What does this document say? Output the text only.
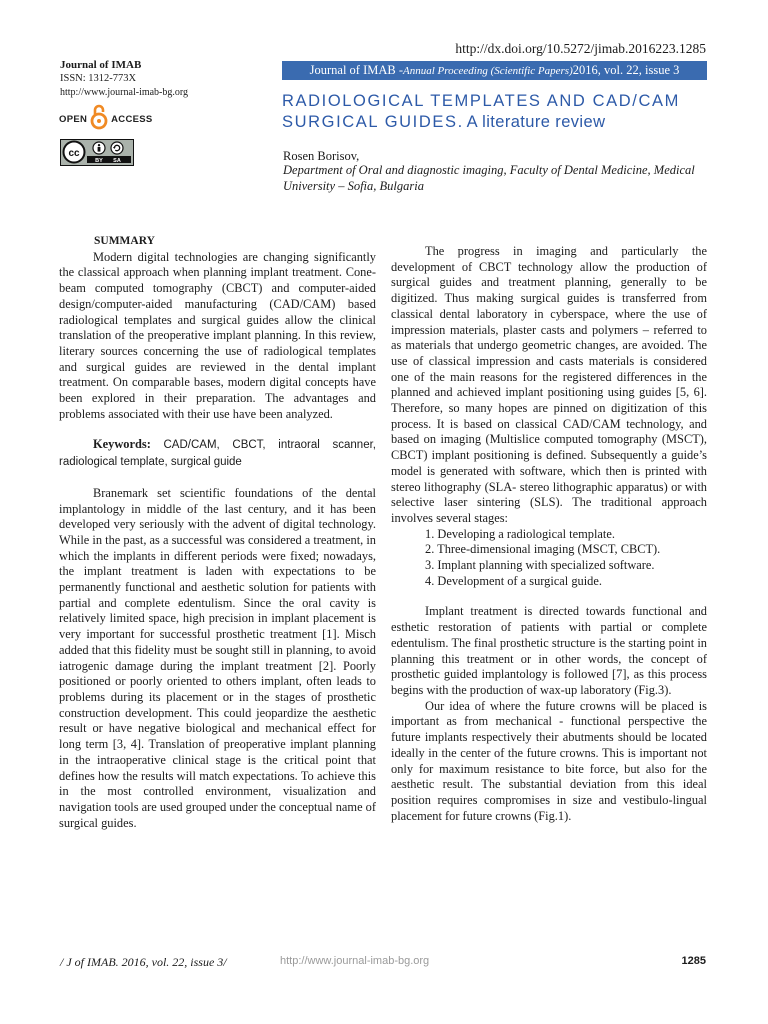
Journal of IMAB
ISSN: 1312-773X
http://www.journal-imab-bg.org
OPEN	ACCESS
cc
BY SA
http://dx.doi.org/10.5272/jimab.2016223.1285
Journal of IMAB - Annual Proceeding (Scientific Papers) 2016, vol. 22, issue 3
RADIOLOGICAL TEMPLATES AND CAD/CAM
SURGICAL GUIDES. A literature review
Rosen Borisov,
Department of Oral and diagnostic imaging, Faculty of Dental Medicine, Medical University – Sofia, Bulgaria
SUMMARY

Modern digital technologies are changing significantly the classical approach when planning implant treatment. Cone-beam computed tomography (CBCT) and computer-aided design/computer-aided manufacturing (CAD/CAM) based radiological templates and surgical guides allow the clinical translation of the preoperative implant planning. In this review, literary sources concerning the use of radiological templates and surgical guides are reviewed in the dental implant treatment. On comparable bases, modern digital concepts have been explored in their preparation. The advantages and problems associated with their use have been analyzed.

Keywords: CAD/CAM, CBCT, intraoral scanner, radiological template, surgical guide

Branemark set scientific foundations of the dental implantology in middle of the last century, and it has been developed very seriously with the advent of digital technology. While in the past, as a successful was considered a treatment, in which the implants in different periods were fixed; nowadays, the implant treatment is laden with expectations to be permanently functional and aesthetic solution for patients with partial and complete edentulism. Since the oral cavity is relatively limited space, high precision in implant placement is very important for successful prosthetic treatment [1]. Misch added that this fidelity must be sought still in planning, to avoid iatrogenic damage during the implant treatment [2]. Poorly positioned or poorly oriented to others implant, often leads to problems during its placement or in the stages of prosthetic construction development. This could jeopardize the aesthetic result or have negative biological and mechanical effect for long term [3, 4]. Translation of preoperative implant planning in the intraoperative clinical stage is the critical point that defines how the results will match expectations. To achieve this in the most controlled environment, visualization and navigation tools are used grouped under the conceptual name of surgical guides.

The progress in imaging and particularly the development of CBCT technology allow the production of surgical guides and treatment planning, generally to be digitized. Thus making surgical guides is transferred from classical dental laboratory in cyberspace, where the use of impression materials, plaster casts and polymers – referred to as materials that undergo geometric changes, are avoided. The use of classical impression and casts materials is considered one of the main reasons for the registered differences in the planned and achieved implant positioning using guides [5, 6]. Therefore, so many hopes are pinned on digitization of this process. It is based on classical CAD/CAM technology, and based on imaging (Multislice computed tomography (MSCT), CBCT) implant positioning is defined. Subsequently a guide’s model is generated with software, which then is printed with stereo lithography (SLA- stereo lithographic apparatus) or with selective laser sintering (SLS). The traditional approach involves several stages:

1. Developing a radiological template.

2. Three-dimensional imaging (MSCT, CBCT).

3. Implant planning with specialized software.

4. Development of a surgical guide.

Implant treatment is directed towards functional and esthetic restoration of patients with partial or complete edentulism. The final prosthetic structure is the starting point in planning this treatment or in other words, the concept of prosthetic guided implantology is followed [7], as this process begins with the production of wax-up laboratory (Fig.3).

Our idea of where the future crowns will be placed is important as from mechanical - functional perspective the future implants respectively their abutments should be located ideally in the center of the future crowns. This is important not only for maximum resistance to bite force, but also for the aesthetic result. The substantial deviation from this ideal position requires compromises in size and vestibulo-lingual placement for future crowns (Fig.1).

/ J of IMAB. 2016, vol. 22, issue 3/	http://www.journal-imab-bg.org	1285
